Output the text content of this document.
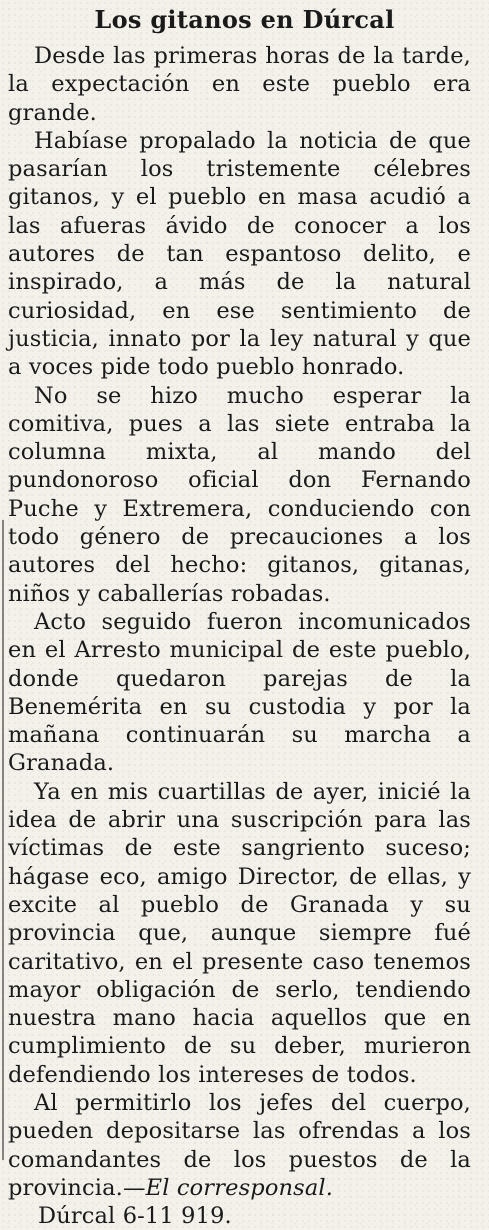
Los gitanos en Dúrcal

Desde las primeras horas de la tarde, la expectación en este pueblo era grande.

Habíase propalado la noticia de que pasarían los tristemente célebres gitanos, y el pueblo en masa acudió a las afueras ávido de conocer a los autores de tan espantoso delito, e inspirado, a más de la natural curiosidad, en ese sentimiento de justicia, innato por la ley natural y que a voces pide todo pueblo honrado.

No se hizo mucho esperar la comitiva, pues a las siete entraba la columna mixta, al mando del pundonoroso oficial don Fernando Puche y Extremera, conduciendo con todo género de precauciones a los autores del hecho: gitanos, gitanas, niños y caballerías robadas.

Acto seguido fueron incomunicados en el Arresto municipal de este pueblo, donde quedaron parejas de la Benemérita en su custodia y por la mañana continuarán su marcha a Granada.

Ya en mis cuartillas de ayer, inicié la idea de abrir una suscripción para las víctimas de este sangriento suceso; hágase eco, amigo Director, de ellas, y excite al pueblo de Granada y su provincia que, aunque siempre fué caritativo, en el presente caso tenemos mayor obligación de serlo, tendiendo nuestra mano hacia aquellos que en cumplimiento de su deber, murieron defendiendo los intereses de todos.

Al permitirlo los jefes del cuerpo, pueden depositarse las ofrendas a los comandantes de los puestos de la provincia.—El corresponsal.

Dúrcal 6-11 919.
